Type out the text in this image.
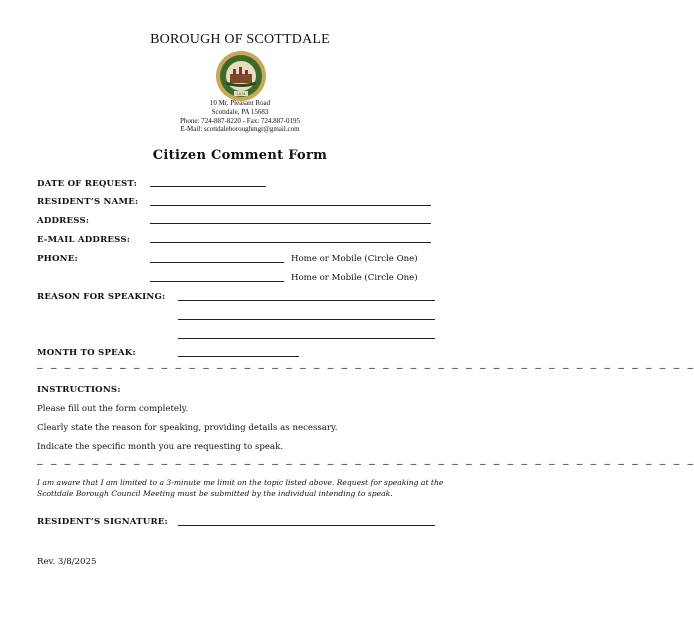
BOROUGH OF SCOTTDALE
1874
10 Mt. Pleasant Road
Scottdale, PA 15683
Phone: 724-887-8220 - Fax: 724.887-0195
E-Mail: scottdaleboroughmgr@gmail.com
Citizen Comment Form
DATE OF REQUEST:
RESIDENT’S NAME:
ADDRESS:
E-MAIL ADDRESS:
PHONE:	Home or Mobile (Circle One)
Home or Mobile (Circle One)
REASON FOR SPEAKING:
MONTH TO SPEAK:
– – – – – – – – – – – – – – – – – – – – – – – – – – – – – – – – – – – – – – – – – – – – – – – –
INSTRUCTIONS:
Please fill out the form completely.
Clearly state the reason for speaking, providing details as necessary.
Indicate the specific month you are requesting to speak.
– – – – – – – – – – – – – – – – – – – – – – – – – – – – – – – – – – – – – – – – – – – – – – – –
I am aware that I am limited to a 3-minute me limit on the topic listed above. Request for speaking at the Scottdale Borough Council Meeting must be submitted by the individual intending to speak.
RESIDENT’S SIGNATURE:
Rev. 3/8/2025
